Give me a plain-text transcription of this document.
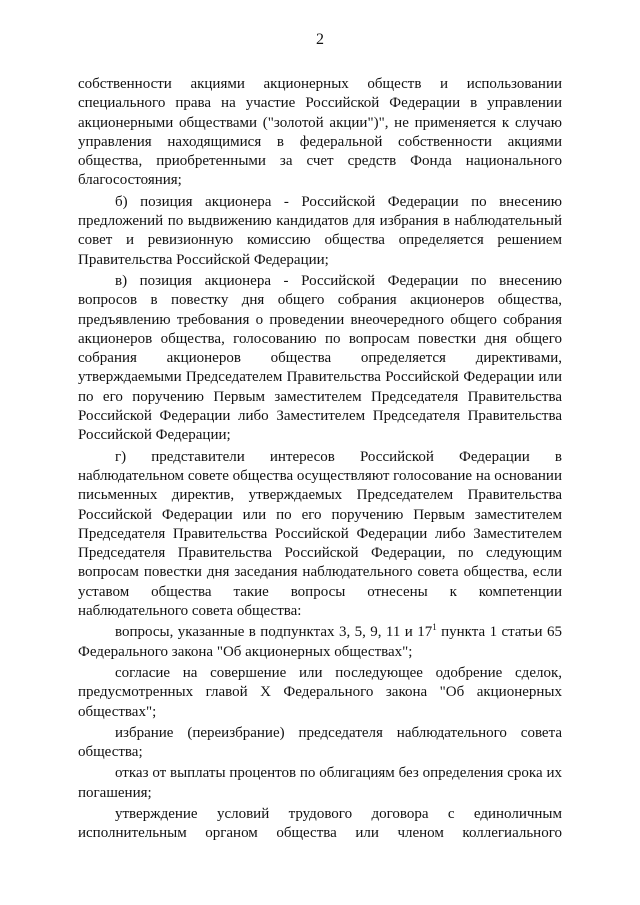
2

собственности акциями акционерных обществ и использовании специального права на участие Российской Федерации в управлении акционерными обществами ("золотой акции")", не применяется к случаю управления находящимися в федеральной собственности акциями общества, приобретенными за счет средств Фонда национального благосостояния;

б) позиция акционера - Российской Федерации по внесению предложений по выдвижению кандидатов для избрания в наблюдательный совет и ревизионную комиссию общества определяется решением Правительства Российской Федерации;

в) позиция акционера - Российской Федерации по внесению вопросов в повестку дня общего собрания акционеров общества, предъявлению требования о проведении внеочередного общего собрания акционеров общества, голосованию по вопросам повестки дня общего собрания акционеров общества определяется директивами, утверждаемыми Председателем Правительства Российской Федерации или по его поручению Первым заместителем Председателя Правительства Российской Федерации либо Заместителем Председателя Правительства Российской Федерации;

г) представители интересов Российской Федерации в наблюдательном совете общества осуществляют голосование на основании письменных директив, утверждаемых Председателем Правительства Российской Федерации или по его поручению Первым заместителем Председателя Правительства Российской Федерации либо Заместителем Председателя Правительства Российской Федерации, по следующим вопросам повестки дня заседания наблюдательного совета общества, если уставом общества такие вопросы отнесены к компетенции наблюдательного совета общества:

вопросы, указанные в подпунктах 3, 5, 9, 11 и $17^1$ пункта 1 статьи 65 Федерального закона "Об акционерных обществах";

согласие на совершение или последующее одобрение сделок, предусмотренных главой X Федерального закона "Об акционерных обществах";

избрание (переизбрание) председателя наблюдательного совета общества;

отказ от выплаты процентов по облигациям без определения срока их погашения;

утверждение условий трудового договора с единоличным исполнительным органом общества или членом коллегиального
